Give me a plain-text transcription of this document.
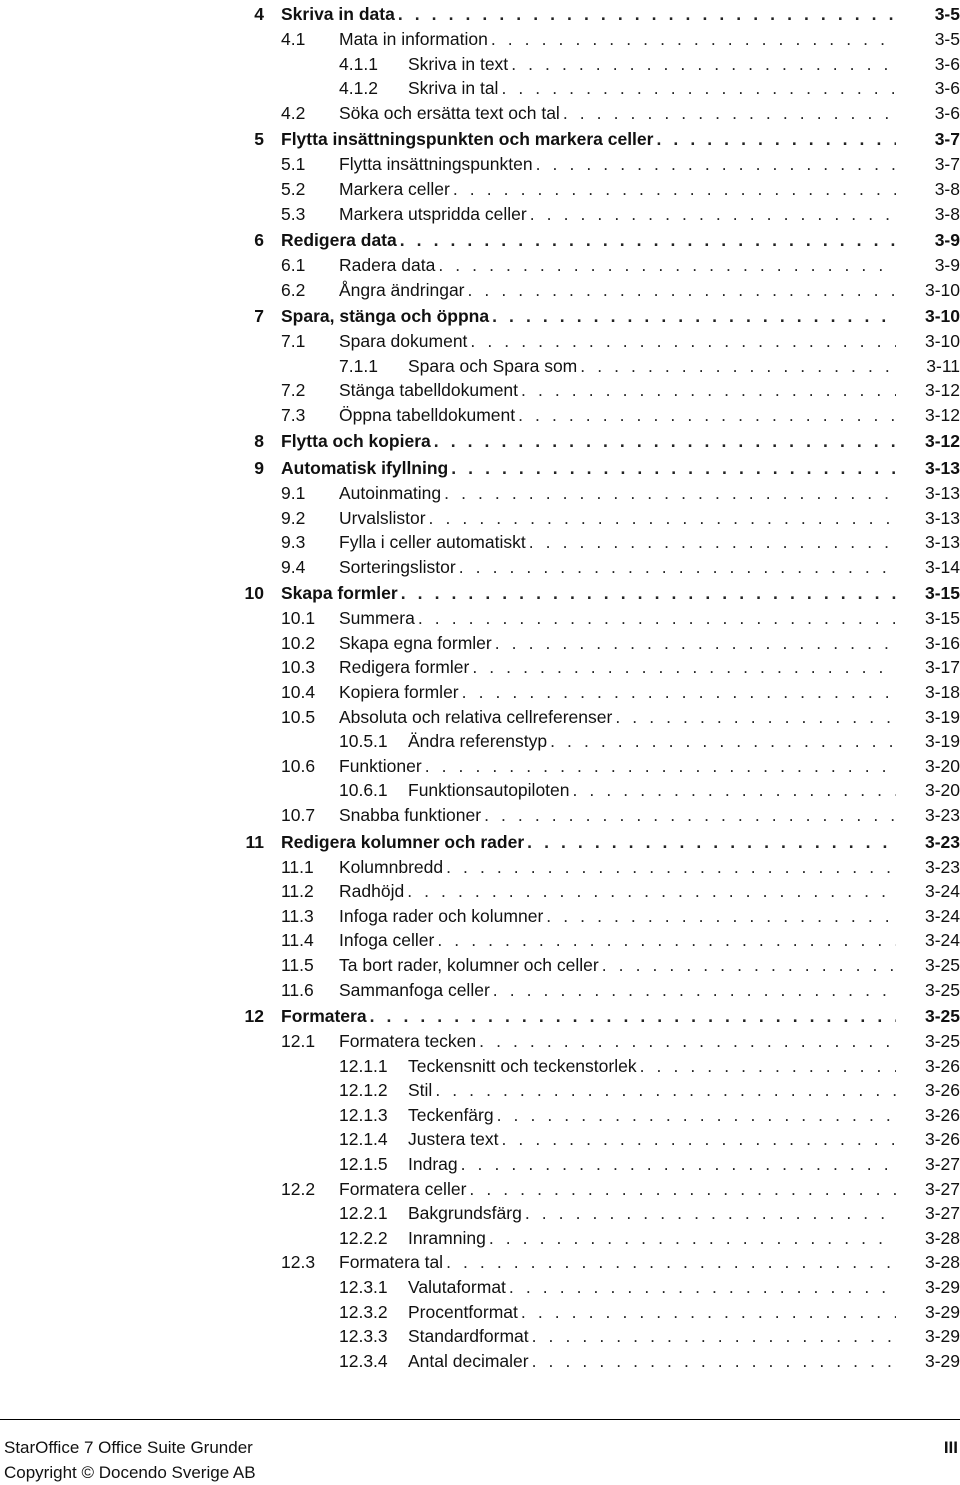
4 Skriva in data . . .	3-5
4.1 Mata in information . . .	3-5
4.1.1 Skriva in text . . .	3-6
4.1.2 Skriva in tal . . .	3-6
4.2 Söka och ersätta text och tal . . .	3-6
5 Flytta insättningspunkten och markera celler . . .	3-7
5.1 Flytta insättningspunkten . . .	3-7
5.2 Markera celler . . .	3-8
5.3 Markera utspridda celler . . .	3-8
6 Redigera data . . .	3-9
6.1 Radera data . . .	3-9
6.2 Ångra ändringar . . .	3-10
7 Spara, stänga och öppna . . .	3-10
7.1 Spara dokument . . .	3-10
7.1.1 Spara och Spara som . . .	3-11
7.2 Stänga tabelldokument . . .	3-12
7.3 Öppna tabelldokument . . .	3-12
8 Flytta och kopiera . . .	3-12
9 Automatisk ifyllning . . .	3-13
9.1 Autoinmating . . .	3-13
9.2 Urvalslistor . . .	3-13
9.3 Fylla i celler automatiskt . . .	3-13
9.4 Sorteringslistor . . .	3-14
10 Skapa formler . . .	3-15
10.1 Summera . . .	3-15
10.2 Skapa egna formler . . .	3-16
10.3 Redigera formler . . .	3-17
10.4 Kopiera formler . . .	3-18
10.5 Absoluta och relativa cellreferenser . . .	3-19
10.5.1 Ändra referenstyp . . .	3-19
10.6 Funktioner . . .	3-20
10.6.1 Funktionsautopiloten . . .	3-20
10.7 Snabba funktioner . . .	3-23
11 Redigera kolumner och rader . . .	3-23
11.1 Kolumnbredd . . .	3-23
11.2 Radhöjd . . .	3-24
11.3 Infoga rader och kolumner . . .	3-24
11.4 Infoga celler . . .	3-24
11.5 Ta bort rader, kolumner och celler . . .	3-25
11.6 Sammanfoga celler . . .	3-25
12 Formatera . . .	3-25
12.1 Formatera tecken . . .	3-25
12.1.1 Teckensnitt och teckenstorlek . . .	3-26
12.1.2 Stil . . .	3-26
12.1.3 Teckenfärg . . .	3-26
12.1.4 Justera text . . .	3-26
12.1.5 Indrag . . .	3-27
12.2 Formatera celler . . .	3-27
12.2.1 Bakgrundsfärg . . .	3-27
12.2.2 Inramning . . .	3-28
12.3 Formatera tal . . .	3-28
12.3.1 Valutaformat . . .	3-29
12.3.2 Procentformat . . .	3-29
12.3.3 Standardformat . . .	3-29
12.3.4 Antal decimaler . . .	3-29
StarOffice 7 Office Suite Grunder
Copyright © Docendo Sverige AB
III
